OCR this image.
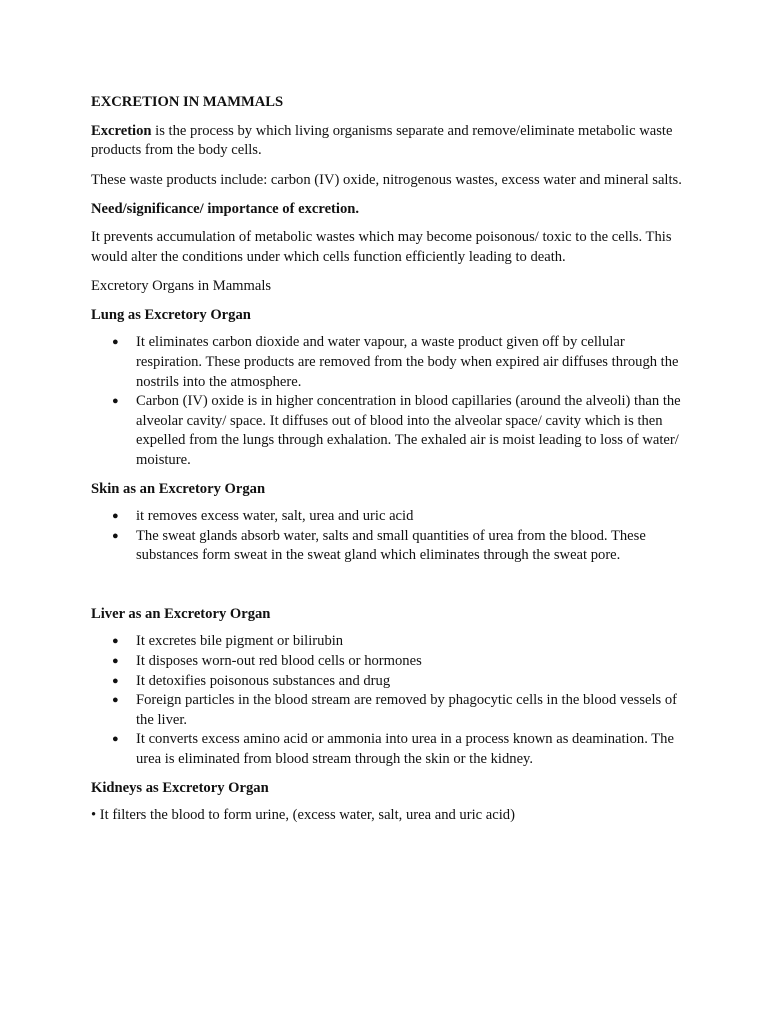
EXCRETION IN MAMMALS

Excretion is the process by which living organisms separate and remove/eliminate metabolic waste products from the body cells.

These waste products include: carbon (IV) oxide, nitrogenous wastes, excess water and mineral salts.

Need/significance/ importance of excretion.

It prevents accumulation of metabolic wastes which may become poisonous/ toxic to the cells. This would alter the conditions under which cells function efficiently leading to death.

Excretory Organs in Mammals

Lung as Excretory Organ

● It eliminates carbon dioxide and water vapour, a waste product given off by cellular respiration. These products are removed from the body when expired air diffuses through the nostrils into the atmosphere.
● Carbon (IV) oxide is in higher concentration in blood capillaries (around the alveoli) than the alveolar cavity/ space. It diffuses out of blood into the alveolar space/ cavity which is then expelled from the lungs through exhalation. The exhaled air is moist leading to loss of water/ moisture.

Skin as an Excretory Organ

● it removes excess water, salt, urea and uric acid
● The sweat glands absorb water, salts and small quantities of urea from the blood. These substances form sweat in the sweat gland which eliminates through the sweat pore.

Liver as an Excretory Organ

● It excretes bile pigment or bilirubin
● It disposes worn-out red blood cells or hormones
● It detoxifies poisonous substances and drug
● Foreign particles in the blood stream are removed by phagocytic cells in the blood vessels of the liver.
● It converts excess amino acid or ammonia into urea in a process known as deamination. The urea is eliminated from blood stream through the skin or the kidney.

Kidneys as Excretory Organ

• It filters the blood to form urine, (excess water, salt, urea and uric acid)
